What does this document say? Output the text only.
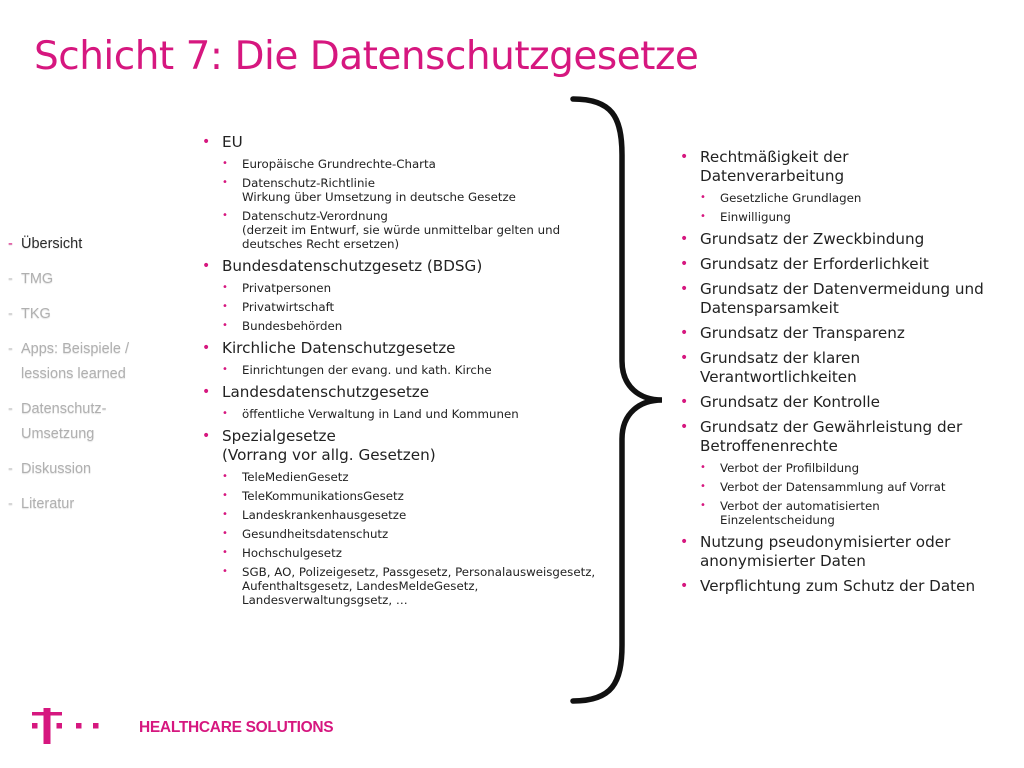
Schicht 7: Die Datenschutzgesetze
- Übersicht
- TMG
- TKG
- Apps: Beispiele /
lessions learned
- Datenschutz-
Umsetzung
- Diskussion
- Literatur
• EU
• Europäische Grundrechte-Charta
• Datenschutz-Richtlinie
Wirkung über Umsetzung in deutsche Gesetze
• Datenschutz-Verordnung
(derzeit im Entwurf, sie würde unmittelbar gelten und
deutsches Recht ersetzen)
• Bundesdatenschutzgesetz (BDSG)
• Privatpersonen
• Privatwirtschaft
• Bundesbehörden
• Kirchliche Datenschutzgesetze
• Einrichtungen der evang. und kath. Kirche
• Landesdatenschutzgesetze
• öffentliche Verwaltung in Land und Kommunen
• Spezialgesetze
(Vorrang vor allg. Gesetzen)
• TeleMedienGesetz
• TeleKommunikationsGesetz
• Landeskrankenhausgesetze
• Gesundheitsdatenschutz
• Hochschulgesetz
• SGB, AO, Polizeigesetz, Passgesetz, Personalausweisgesetz,
Aufenthaltsgesetz, LandesMeldeGesetz,
Landesverwaltungsgsetz, …
• Rechtmäßigkeit der
Datenverarbeitung
• Gesetzliche Grundlagen
• Einwilligung
• Grundsatz der Zweckbindung
• Grundsatz der Erforderlichkeit
• Grundsatz der Datenvermeidung und
Datensparsamkeit
• Grundsatz der Transparenz
• Grundsatz der klaren
Verantwortlichkeiten
• Grundsatz der Kontrolle
• Grundsatz der Gewährleistung der
Betroffenenrechte
• Verbot der Profilbildung
• Verbot der Datensammlung auf Vorrat
• Verbot der automatisierten
Einzelentscheidung
• Nutzung pseudonymisierter oder
anonymisierter Daten
• Verpflichtung zum Schutz der Daten
HEALTHCARE SOLUTIONS
